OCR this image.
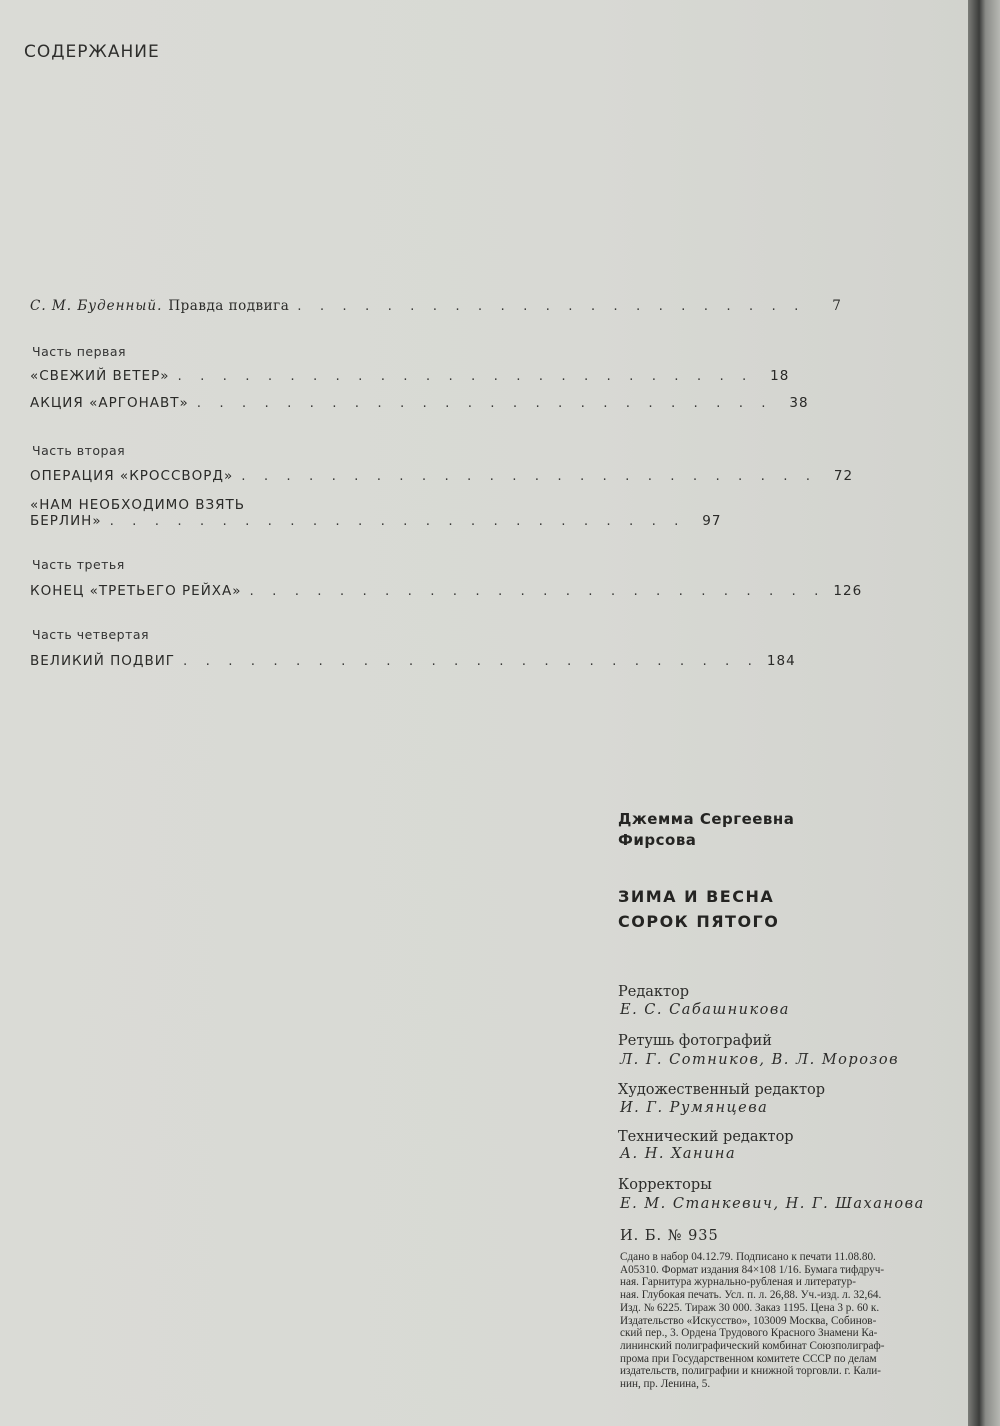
СОДЕРЖАНИЕ
С. М. Буденный. Правда подвига . . . . . . . . . . . . . . . . . . . . . . .	7
Часть первая
«СВЕЖИЙ ВЕТЕР» . . . . . . . . . . . . . . . . . . . . . . . . . .	18
АКЦИЯ «АРГОНАВТ» . . . . . . . . . . . . . . . . . . . . . . . . . .	38
Часть вторая
ОПЕРАЦИЯ «КРОССВОРД» . . . . . . . . . . . . . . . . . . . . . . . . . .	72
«НАМ НЕОБХОДИМО ВЗЯТЬ
БЕРЛИН» . . . . . . . . . . . . . . . . . . . . . . . . . .	97
Часть третья
КОНЕЦ «ТРЕТЬЕГО РЕЙХА» . . . . . . . . . . . . . . . . . . . . . . . . . . 126
Часть четвертая
ВЕЛИКИЙ ПОДВИГ . . . . . . . . . . . . . . . . . . . . . . . . . . 184
Джемма Сергеевна
Фирсова
ЗИМА И ВЕСНА
СОРОК ПЯТОГО
Редактор
Е. С. Сабашникова
Ретушь фотографий
Л. Г. Сотников, В. Л. Морозов
Художественный редактор
И. Г. Румянцева
Технический редактор
А. Н. Ханина
Корректоры
Е. М. Станкевич, Н. Г. Шаханова
И. Б. № 935
Сдано в набор 04.12.79. Подписано к печати 11.08.80.
А05310. Формат издания 84×108 1/16. Бумага тифдруч-
ная. Гарнитура журнально-рубленая и литератур-
ная. Глубокая печать. Усл. п. л. 26,88. Уч.-изд. л. 32,64.
Изд. № 6225. Тираж 30 000. Заказ 1195. Цена 3 р. 60 к.
Издательство «Искусство», 103009 Москва, Собинов-
ский пер., 3. Ордена Трудового Красного Знамени Ка-
лининский полиграфический комбинат Союзполиграф-
прома при Государственном комитете СССР по делам
издательств, полиграфии и книжной торговли. г. Кали-
нин, пр. Ленина, 5.
